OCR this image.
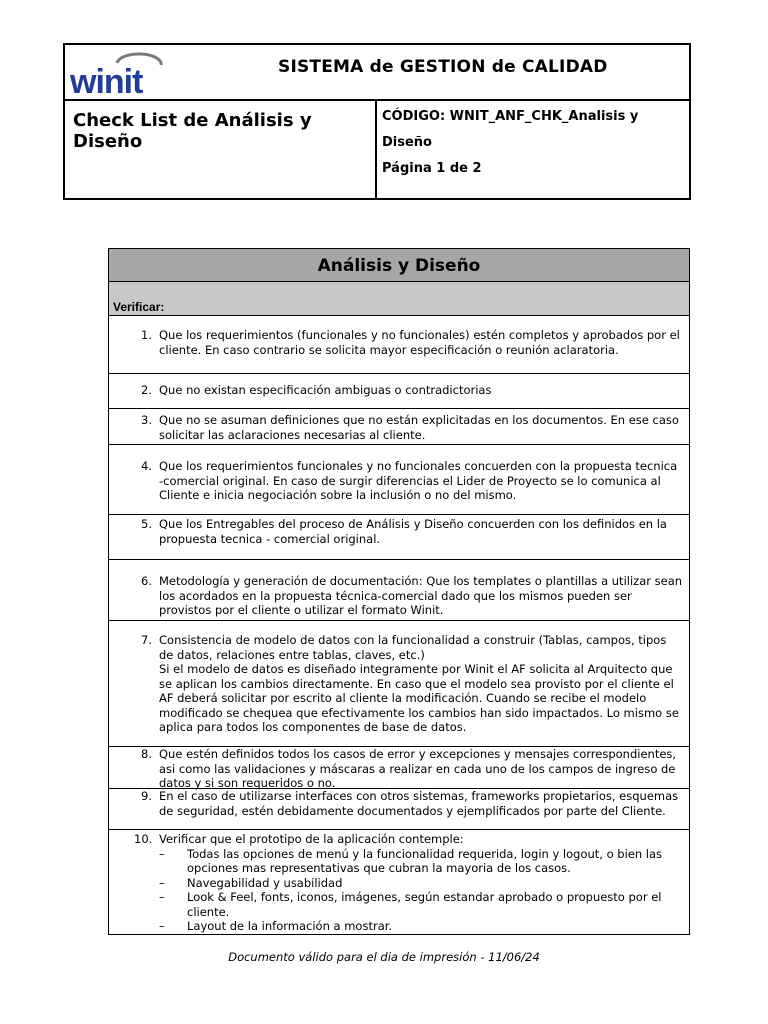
winit	SISTEMA de GESTION de CALIDAD
Check List de Análisis y Diseño
CÓDIGO: WNIT_ANF_CHK_Analisis y
Diseño
Página 1 de 2
Análisis y Diseño
Verificar:
1. Que los requerimientos (funcionales y no funcionales) estén completos y aprobados por el
cliente. En caso contrario se solicita mayor especificación o reunión aclaratoria.
2. Que no existan especificación ambiguas o contradictorias
3. Que no se asuman definiciones que no están explicitadas en los documentos. En ese caso
solicitar las aclaraciones necesarias al cliente.
4. Que los requerimientos funcionales y no funcionales concuerden con la propuesta tecnica
-comercial original. En caso de surgir diferencias el Lider de Proyecto se lo comunica al
Cliente e inicia negociación sobre la inclusión o no del mismo.
5. Que los Entregables del proceso de Análisis y Diseño concuerden con los definidos en la
propuesta tecnica - comercial original.
6. Metodología y generación de documentación: Que los templates o plantillas a utilizar sean
los acordados en la propuesta técnica-comercial dado que los mismos pueden ser
provistos por el cliente o utilizar el formato Winit.
7. Consistencia de modelo de datos con la funcionalidad a construir (Tablas, campos, tipos
de datos, relaciones entre tablas, claves, etc.)
Si el modelo de datos es diseñado integramente por Winit el AF solicita al Arquitecto que
se aplican los cambios directamente. En caso que el modelo sea provisto por el cliente el
AF deberá solicitar por escrito al cliente la modificación. Cuando se recibe el modelo
modificado se chequea que efectivamente los cambios han sido impactados. Lo mismo se
aplica para todos los componentes de base de datos.
8. Que estén definidos todos los casos de error y excepciones y mensajes correspondientes,
asi como las validaciones y máscaras a realizar en cada uno de los campos de ingreso de
datos y si son requeridos o no.
9. En el caso de utilizarse interfaces con otros sistemas, frameworks propietarios, esquemas
de seguridad, estén debidamente documentados y ejemplificados por parte del Cliente.
10. Verificar que el prototipo de la aplicación contemple:
– Todas las opciones de menú y la funcionalidad requerida, login y logout, o bien las
opciones mas representativas que cubran la mayoria de los casos.
– Navegabilidad y usabilidad
– Look & Feel, fonts, iconos, imágenes, según estandar aprobado o propuesto por el
cliente.
– Layout de la información a mostrar.
Documento válido para el dia de impresión - 11/06/24
